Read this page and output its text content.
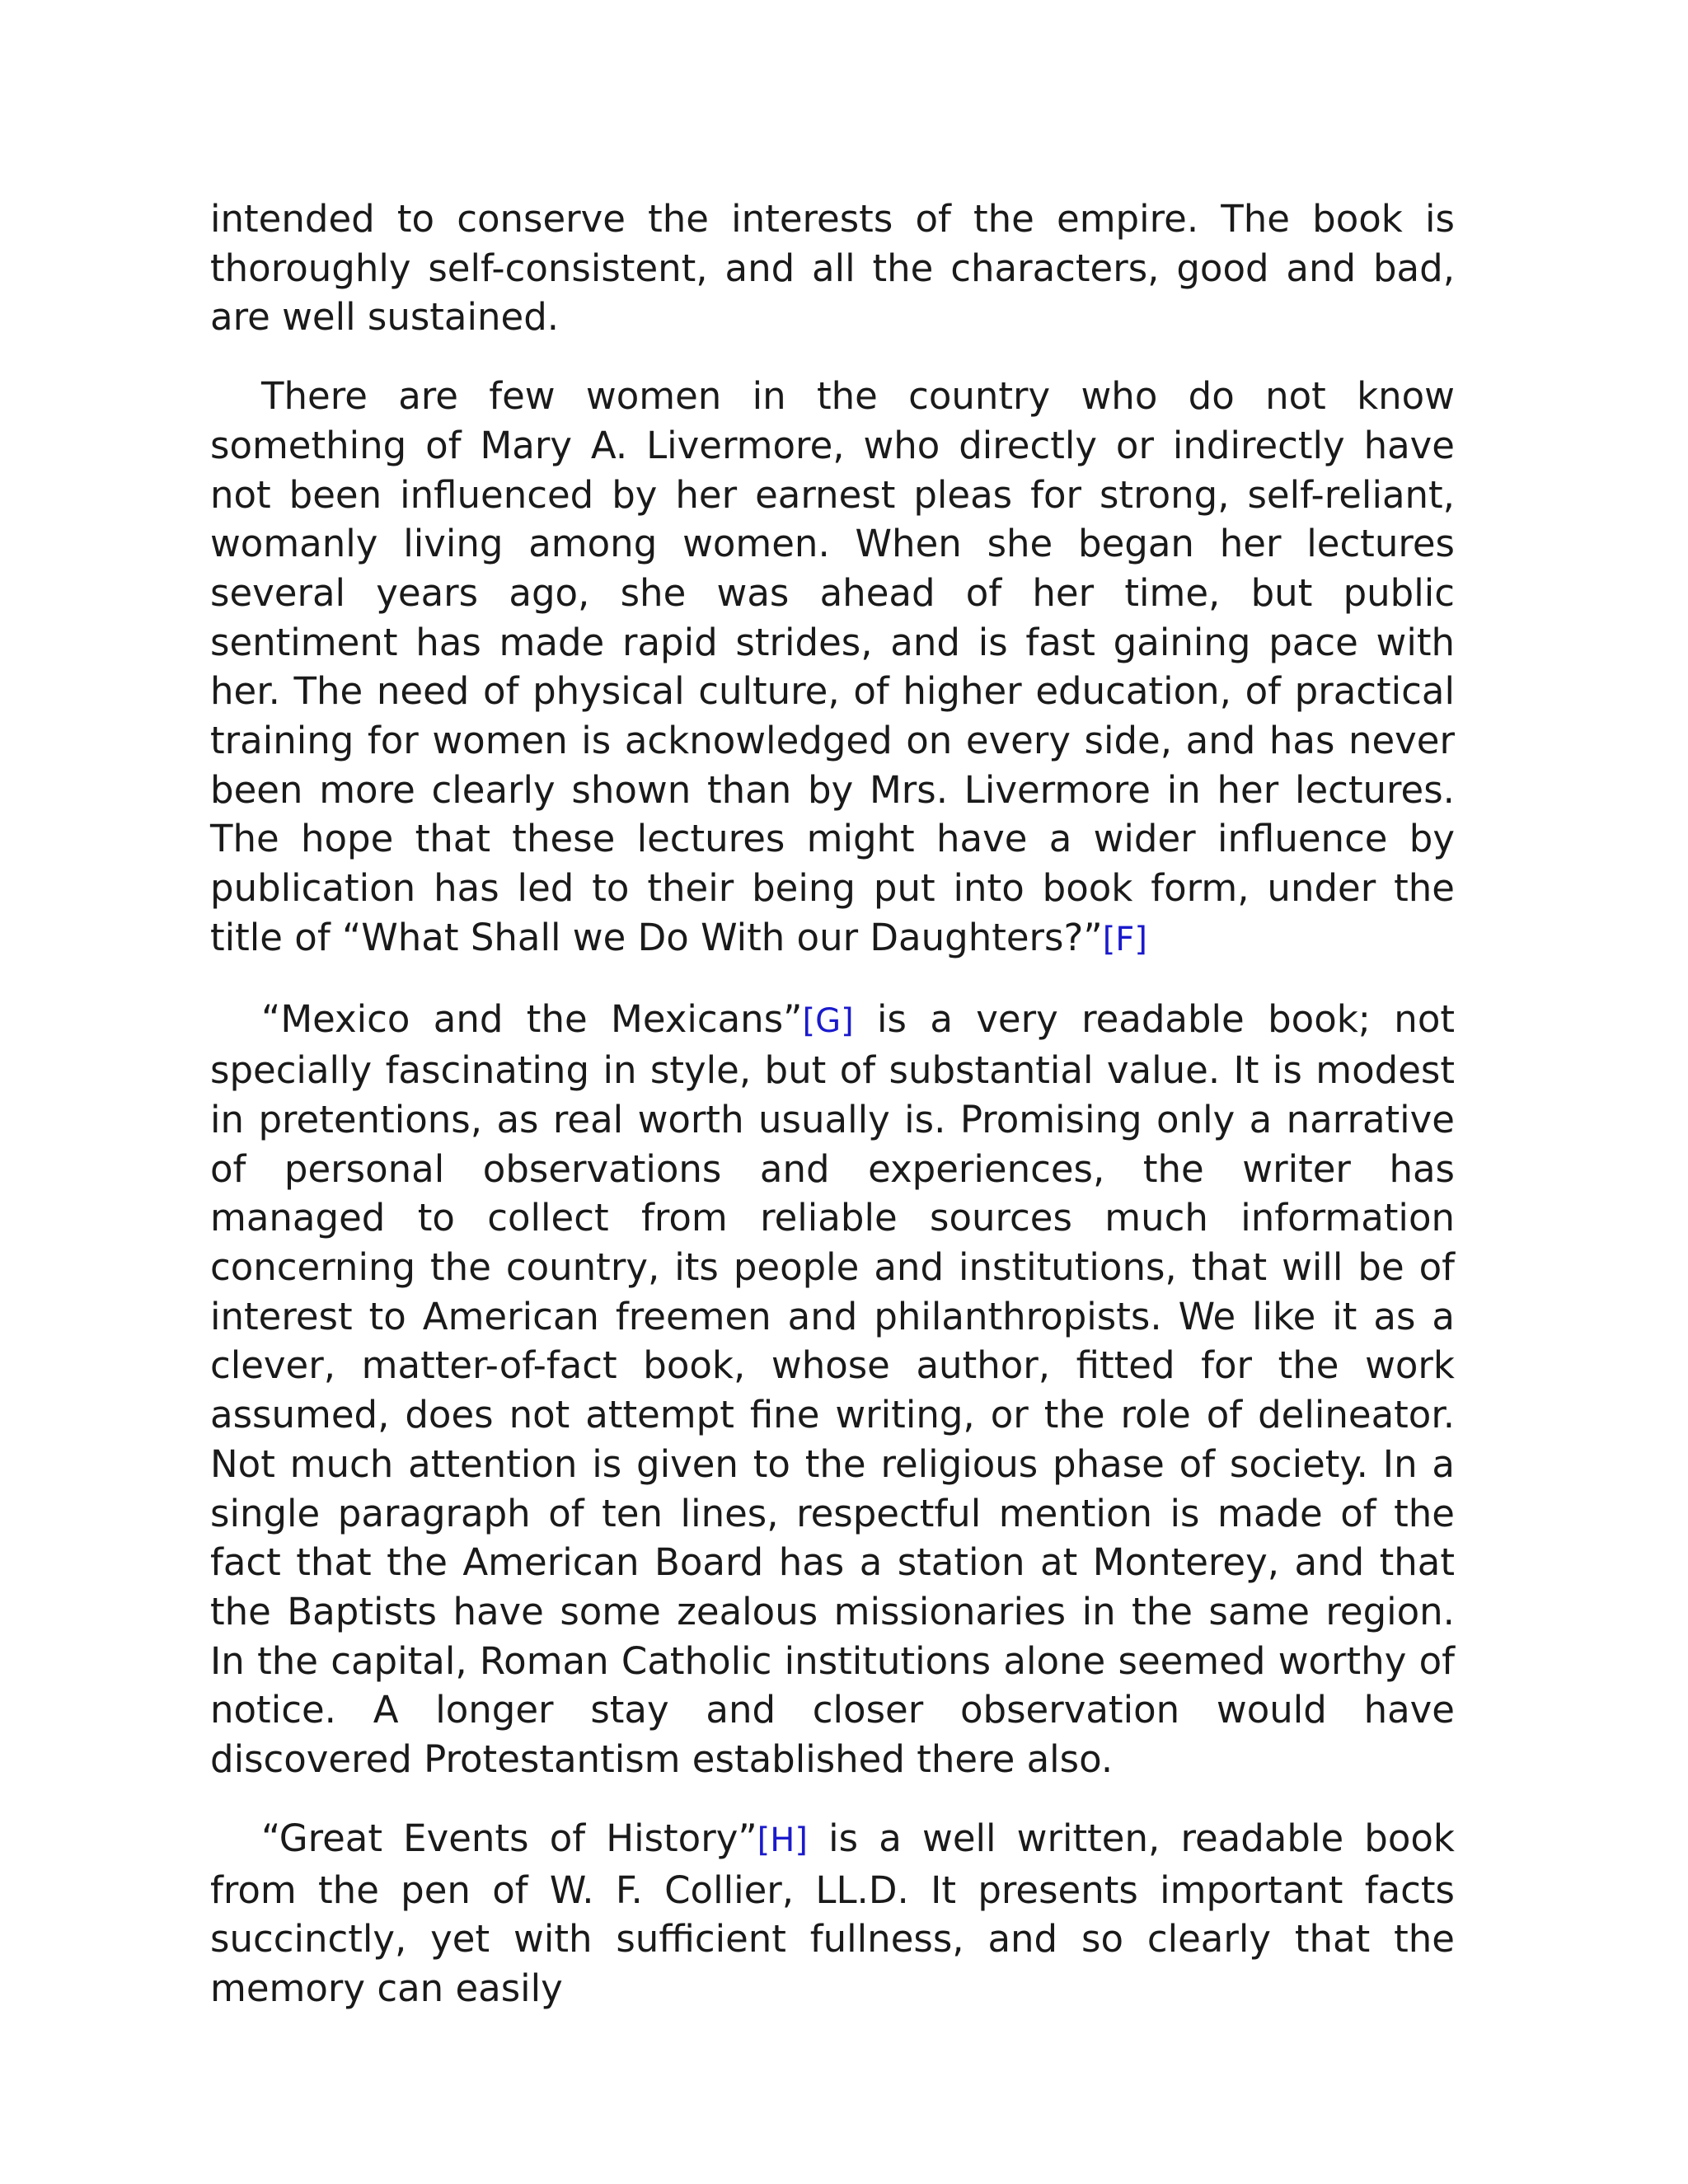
intended to conserve the interests of the empire. The book is thoroughly self-consistent, and all the characters, good and bad, are well sustained.

There are few women in the country who do not know something of Mary A. Livermore, who directly or indirectly have not been influenced by her earnest pleas for strong, self-reliant, womanly living among women. When she began her lectures several years ago, she was ahead of her time, but public sentiment has made rapid strides, and is fast gaining pace with her. The need of physical culture, of higher education, of practical training for women is acknowledged on every side, and has never been more clearly shown than by Mrs. Livermore in her lectures. The hope that these lectures might have a wider influence by publication has led to their being put into book form, under the title of “What Shall we Do With our Daughters?”[F]

“Mexico and the Mexicans”[G] is a very readable book; not specially fascinating in style, but of substantial value. It is modest in pretentions, as real worth usually is. Promising only a narrative of personal observations and experiences, the writer has managed to collect from reliable sources much information concerning the country, its people and institutions, that will be of interest to American freemen and philanthropists. We like it as a clever, matter-of-fact book, whose author, fitted for the work assumed, does not attempt fine writing, or the role of delineator. Not much attention is given to the religious phase of society. In a single paragraph of ten lines, respectful mention is made of the fact that the American Board has a station at Monterey, and that the Baptists have some zealous missionaries in the same region. In the capital, Roman Catholic institutions alone seemed worthy of notice. A longer stay and closer observation would have discovered Protestantism established there also.

“Great Events of History”[H] is a well written, readable book from the pen of W. F. Collier, LL.D. It presents important facts succinctly, yet with sufficient fullness, and so clearly that the memory can easily
